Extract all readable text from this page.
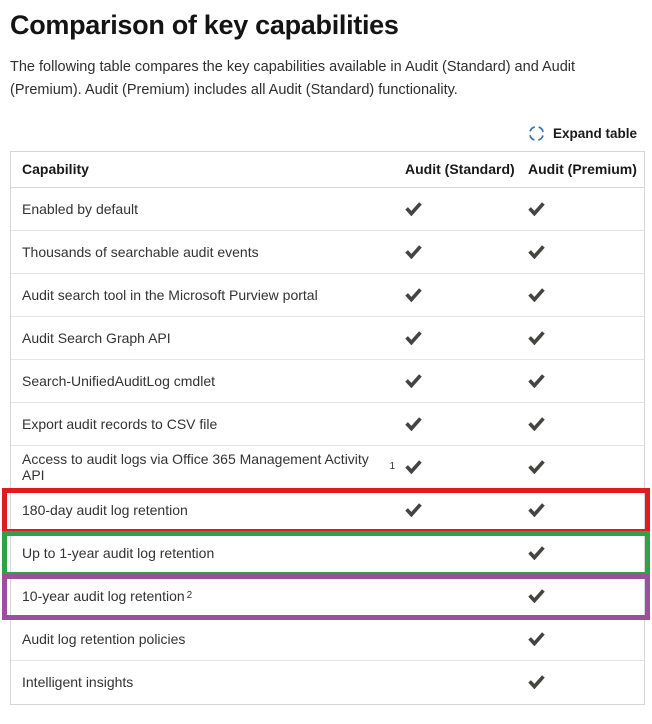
Comparison of key capabilities

The following table compares the key capabilities available in Audit (Standard) and Audit (Premium). Audit (Premium) includes all Audit (Standard) functionality.

Expand table
Capability	Audit (Standard) Audit (Premium)
Enabled by default
Thousands of searchable audit events
Audit search tool in the Microsoft Purview portal
Audit Search Graph API
Search-UnifiedAuditLog cmdlet
Export audit records to CSV file
Access to audit logs via Office 365 Management Activity API
1
180-day audit log retention
Up to 1-year audit log retention
10-year audit log retention 2
Audit log retention policies
Intelligent insights
